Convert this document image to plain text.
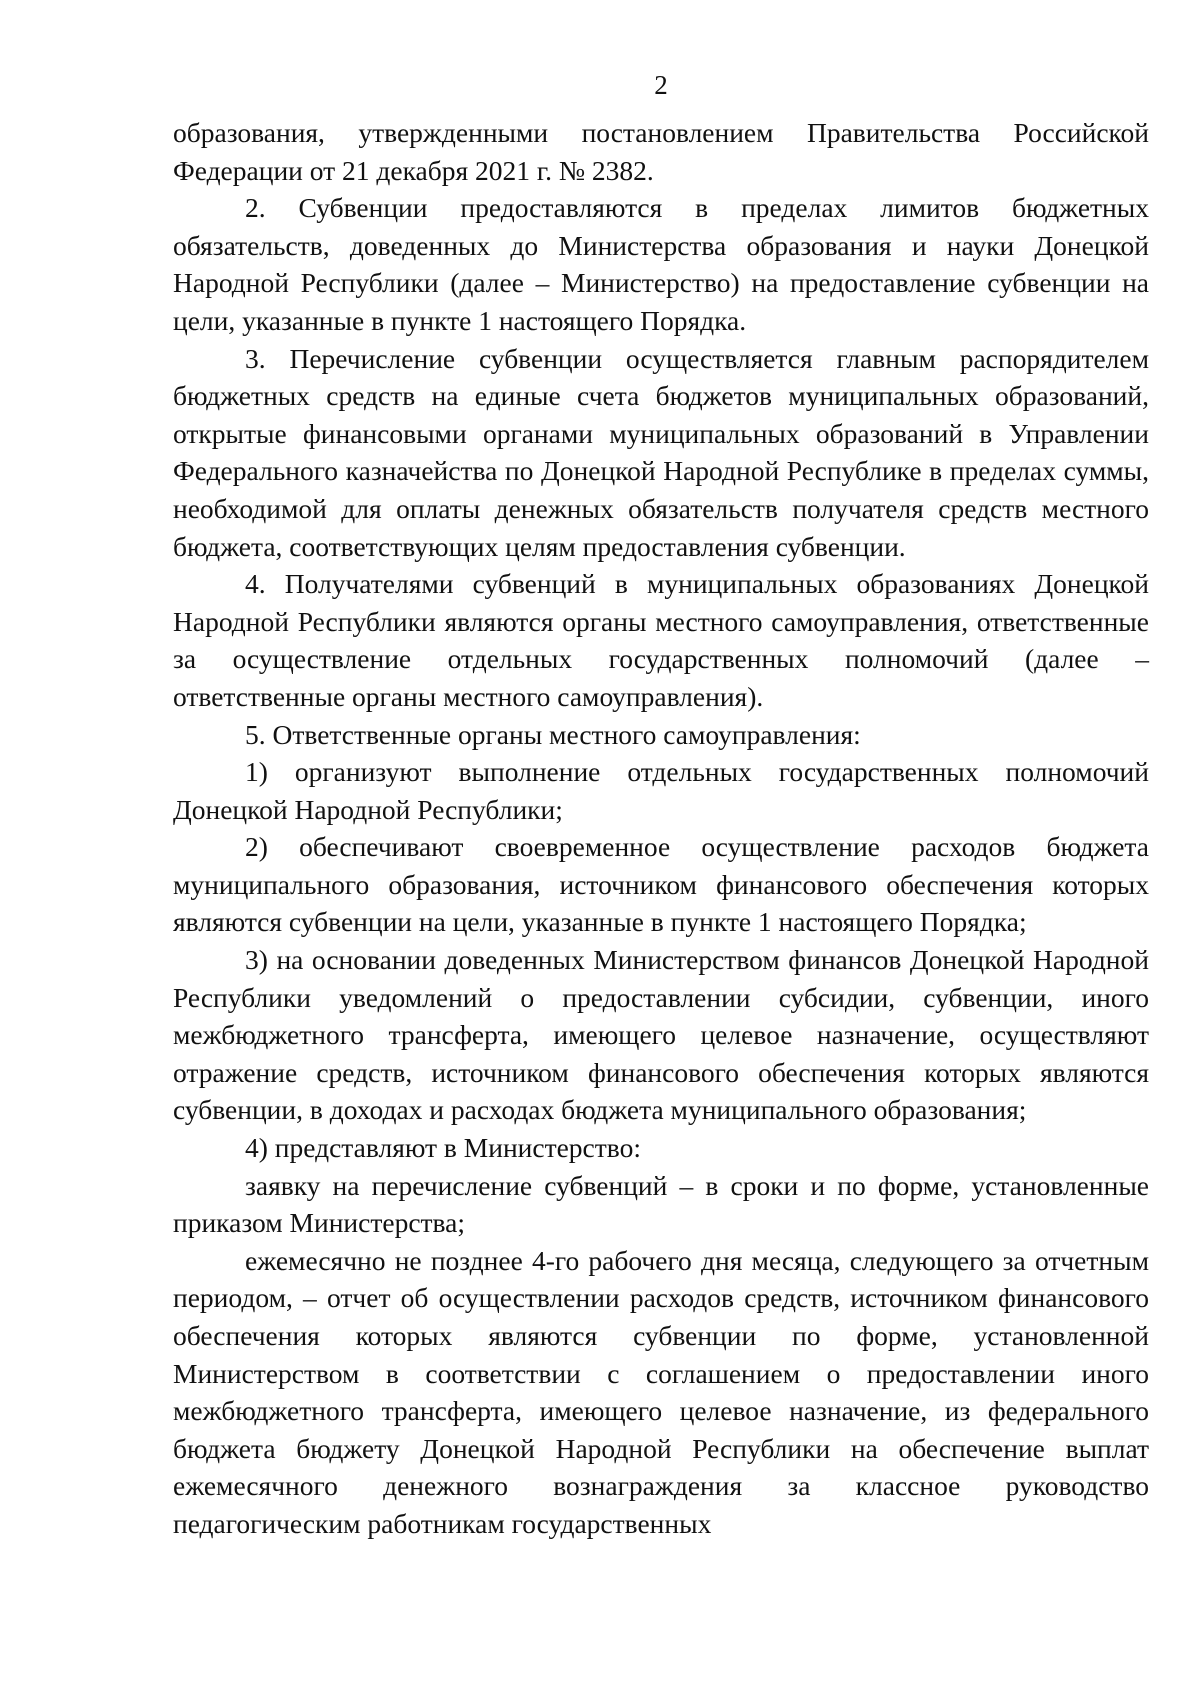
2

образования, утвержденными постановлением Правительства Российской Федерации от 21 декабря 2021 г. № 2382.

2. Субвенции предоставляются в пределах лимитов бюджетных обязательств, доведенных до Министерства образования и науки Донецкой Народной Республики (далее – Министерство) на предоставление субвенции на цели, указанные в пункте 1 настоящего Порядка.

3. Перечисление субвенции осуществляется главным распорядителем бюджетных средств на единые счета бюджетов муниципальных образований, открытые финансовыми органами муниципальных образований в Управлении Федерального казначейства по Донецкой Народной Республике в пределах суммы, необходимой для оплаты денежных обязательств получателя средств местного бюджета, соответствующих целям предоставления субвенции.

4. Получателями субвенций в муниципальных образованиях Донецкой Народной Республики являются органы местного самоуправления, ответственные за осуществление отдельных государственных полномочий (далее – ответственные органы местного самоуправления).

5. Ответственные органы местного самоуправления:

1) организуют выполнение отдельных государственных полномочий Донецкой Народной Республики;

2) обеспечивают своевременное осуществление расходов бюджета муниципального образования, источником финансового обеспечения которых являются субвенции на цели, указанные в пункте 1 настоящего Порядка;

3) на основании доведенных Министерством финансов Донецкой Народной Республики уведомлений о предоставлении субсидии, субвенции, иного межбюджетного трансферта, имеющего целевое назначение, осуществляют отражение средств, источником финансового обеспечения которых являются субвенции, в доходах и расходах бюджета муниципального образования;

4) представляют в Министерство:

заявку на перечисление субвенций – в сроки и по форме, установленные приказом Министерства;

ежемесячно не позднее 4-го рабочего дня месяца, следующего за отчетным периодом, – отчет об осуществлении расходов средств, источником финансового обеспечения которых являются субвенции по форме, установленной Министерством в соответствии с соглашением о предоставлении иного межбюджетного трансферта, имеющего целевое назначение, из федерального бюджета бюджету Донецкой Народной Республики на обеспечение выплат ежемесячного денежного вознаграждения за классное руководство педагогическим работникам государственных
